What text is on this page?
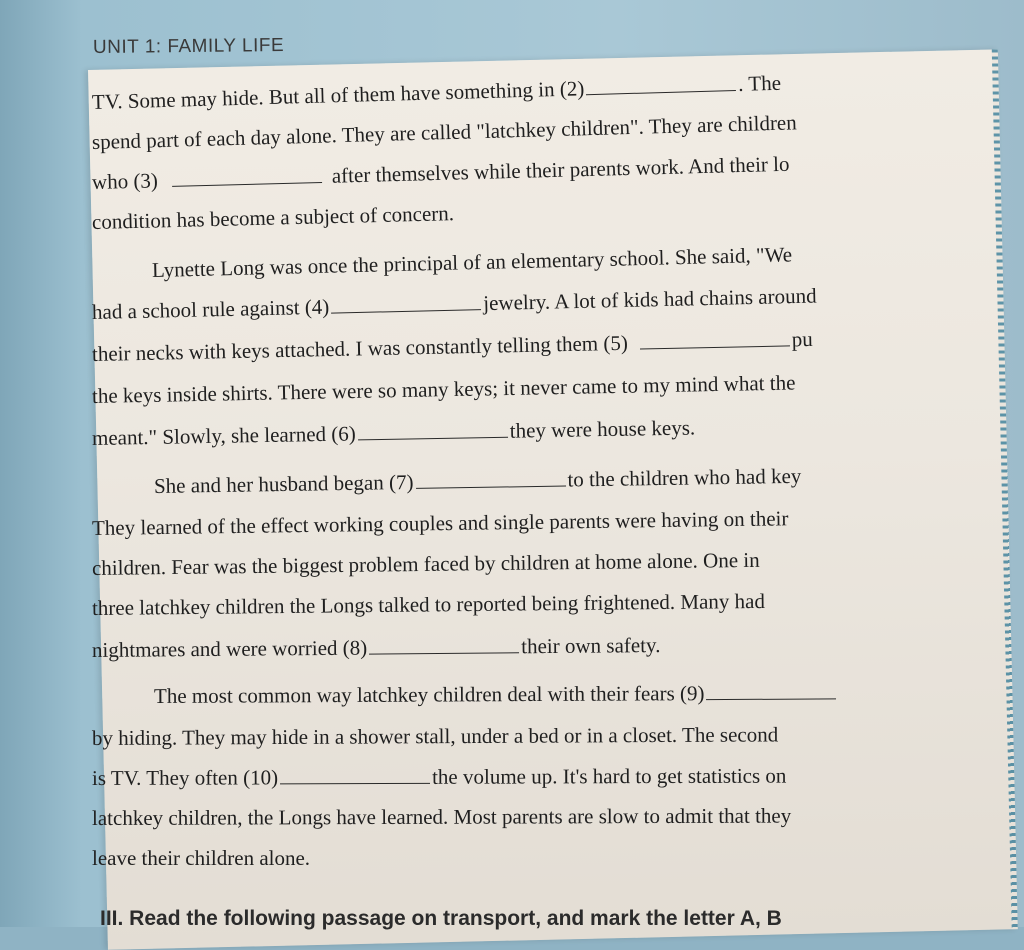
UNIT 1: FAMILY LIFE
TV. Some may hide. But all of them have something in (2)	. The
spend part of each day alone. They are called "latchkey children". They are children
who (3)	after themselves while their parents work. And their lo
condition has become a subject of concern.
Lynette Long was once the principal of an elementary school. She said, "We
had a school rule against (4)	jewelry. A lot of kids had chains around
their necks with keys attached. I was constantly telling them (5)	pu
the keys inside shirts. There were so many keys; it never came to my mind what the
meant." Slowly, she learned (6)	they were house keys.
She and her husband began (7)	to the children who had key
They learned of the effect working couples and single parents were having on their
children. Fear was the biggest problem faced by children at home alone. One in
three latchkey children the Longs talked to reported being frightened. Many had
nightmares and were worried (8)	their own safety.
The most common way latchkey children deal with their fears (9)
by hiding. They may hide in a shower stall, under a bed or in a closet. The second
is TV. They often (10)	the volume up. It's hard to get statistics on
latchkey children, the Longs have learned. Most parents are slow to admit that they
leave their children alone.
III. Read the following passage on transport, and mark the letter A, B
